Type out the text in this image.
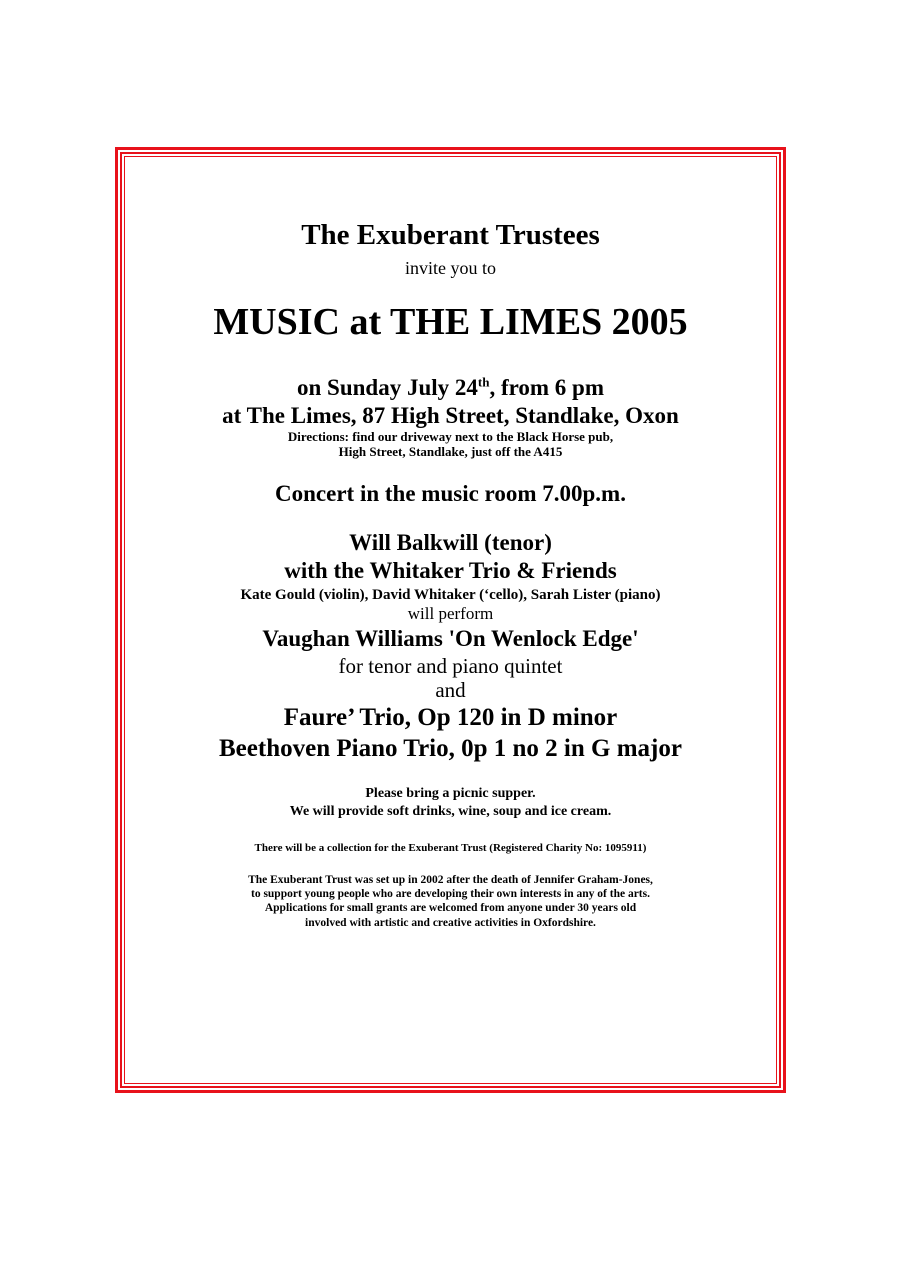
The Exuberant Trustees
invite you to
MUSIC at THE LIMES 2005
on Sunday July 24th, from 6 pm
at The Limes, 87 High Street, Standlake, Oxon
Directions: find our driveway next to the Black Horse pub,
High Street, Standlake, just off the A415
Concert in the music room 7.00p.m.
Will Balkwill (tenor)
with the Whitaker Trio & Friends
Kate Gould (violin), David Whitaker (‘cello), Sarah Lister (piano)
will perform
Vaughan Williams 'On Wenlock Edge'
for tenor and piano quintet
and
Faure’ Trio, Op 120 in D minor
Beethoven Piano Trio, 0p 1 no 2 in G major
Please bring a picnic supper.
We will provide soft drinks, wine, soup and ice cream.
There will be a collection for the Exuberant Trust (Registered Charity No: 1095911)
The Exuberant Trust was set up in 2002 after the death of Jennifer Graham-Jones,
to support young people who are developing their own interests in any of the arts.
Applications for small grants are welcomed from anyone under 30 years old
involved with artistic and creative activities in Oxfordshire.
